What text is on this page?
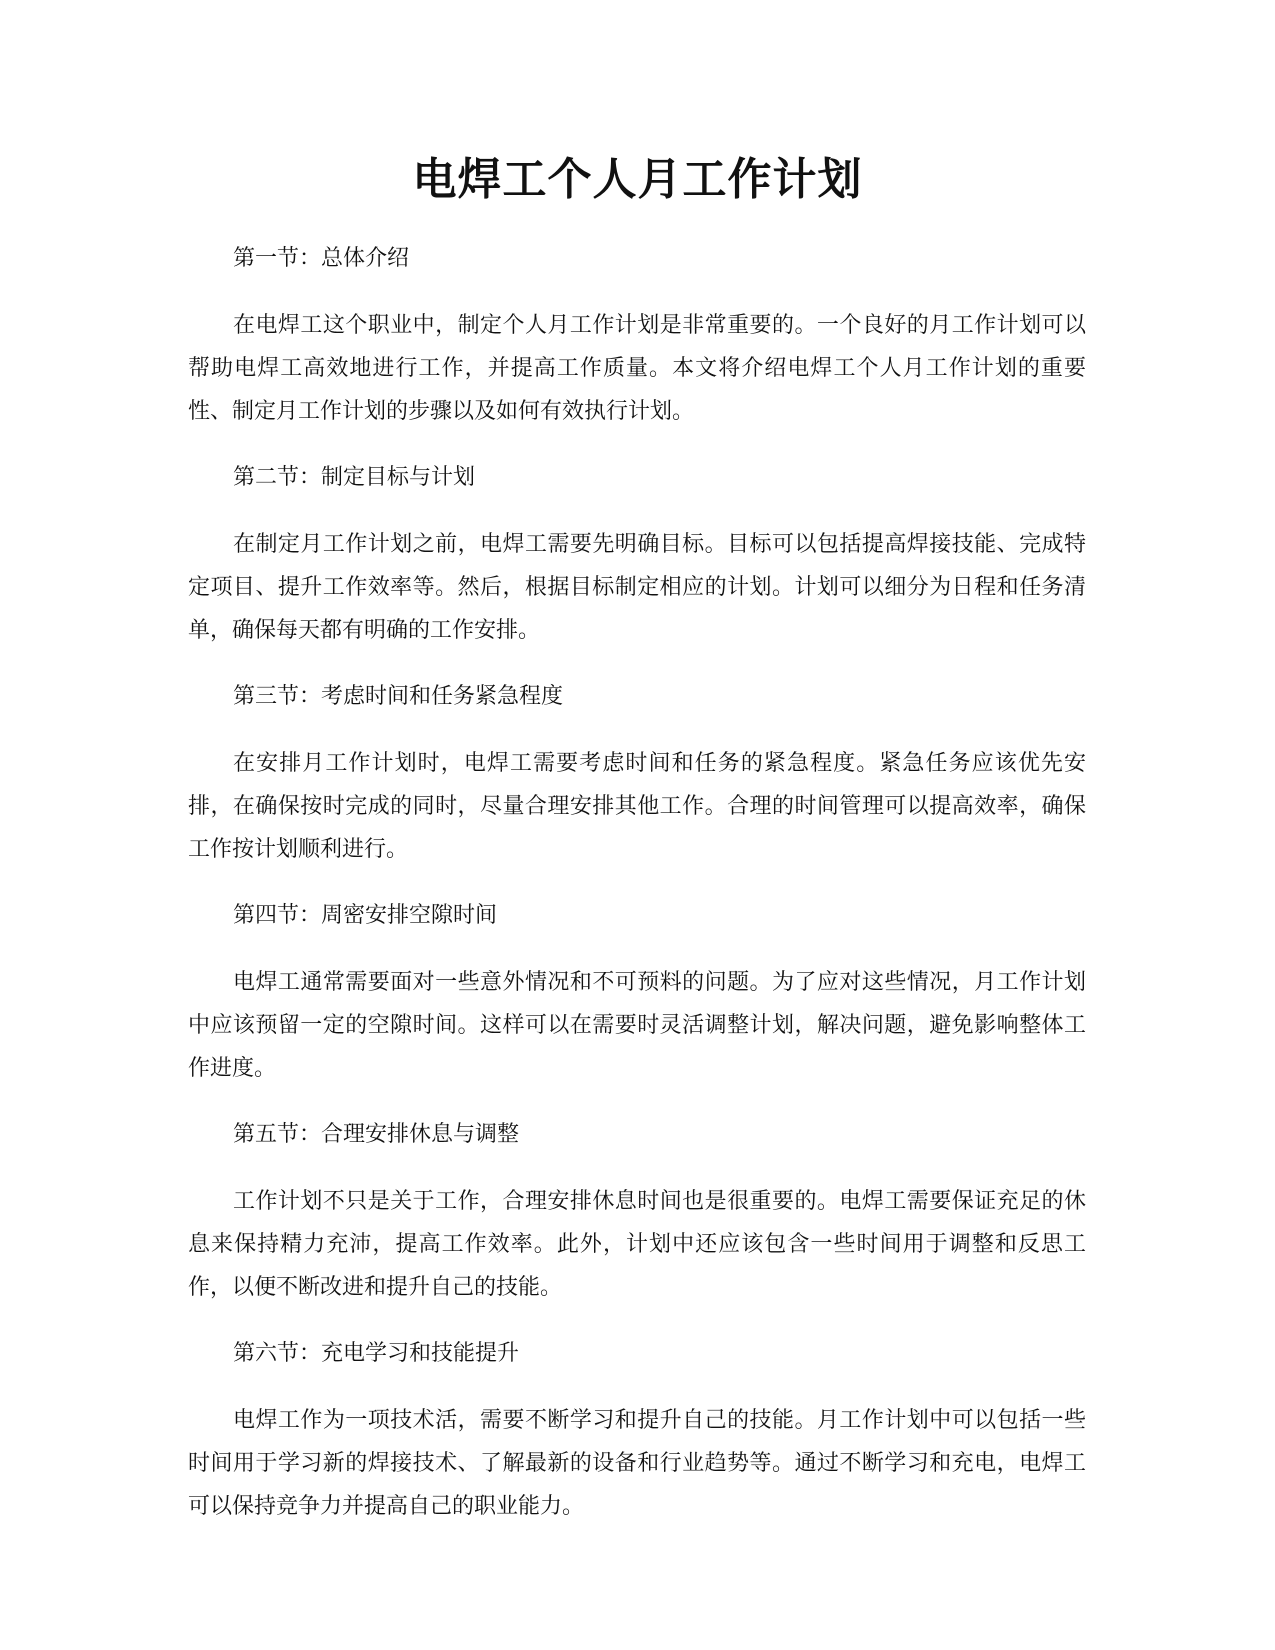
电焊工个人月工作计划

第一节：总体介绍

在电焊工这个职业中，制定个人月工作计划是非常重要的。一个良好的月工作计划可以帮助电焊工高效地进行工作，并提高工作质量。本文将介绍电焊工个人月工作计划的重要性、制定月工作计划的步骤以及如何有效执行计划。

第二节：制定目标与计划

在制定月工作计划之前，电焊工需要先明确目标。目标可以包括提高焊接技能、完成特定项目、提升工作效率等。然后，根据目标制定相应的计划。计划可以细分为日程和任务清单，确保每天都有明确的工作安排。

第三节：考虑时间和任务紧急程度

在安排月工作计划时，电焊工需要考虑时间和任务的紧急程度。紧急任务应该优先安排，在确保按时完成的同时，尽量合理安排其他工作。合理的时间管理可以提高效率，确保工作按计划顺利进行。

第四节：周密安排空隙时间

电焊工通常需要面对一些意外情况和不可预料的问题。为了应对这些情况，月工作计划中应该预留一定的空隙时间。这样可以在需要时灵活调整计划，解决问题，避免影响整体工作进度。

第五节：合理安排休息与调整

工作计划不只是关于工作，合理安排休息时间也是很重要的。电焊工需要保证充足的休息来保持精力充沛，提高工作效率。此外，计划中还应该包含一些时间用于调整和反思工作，以便不断改进和提升自己的技能。

第六节：充电学习和技能提升

电焊工作为一项技术活，需要不断学习和提升自己的技能。月工作计划中可以包括一些时间用于学习新的焊接技术、了解最新的设备和行业趋势等。通过不断学习和充电，电焊工可以保持竞争力并提高自己的职业能力。
